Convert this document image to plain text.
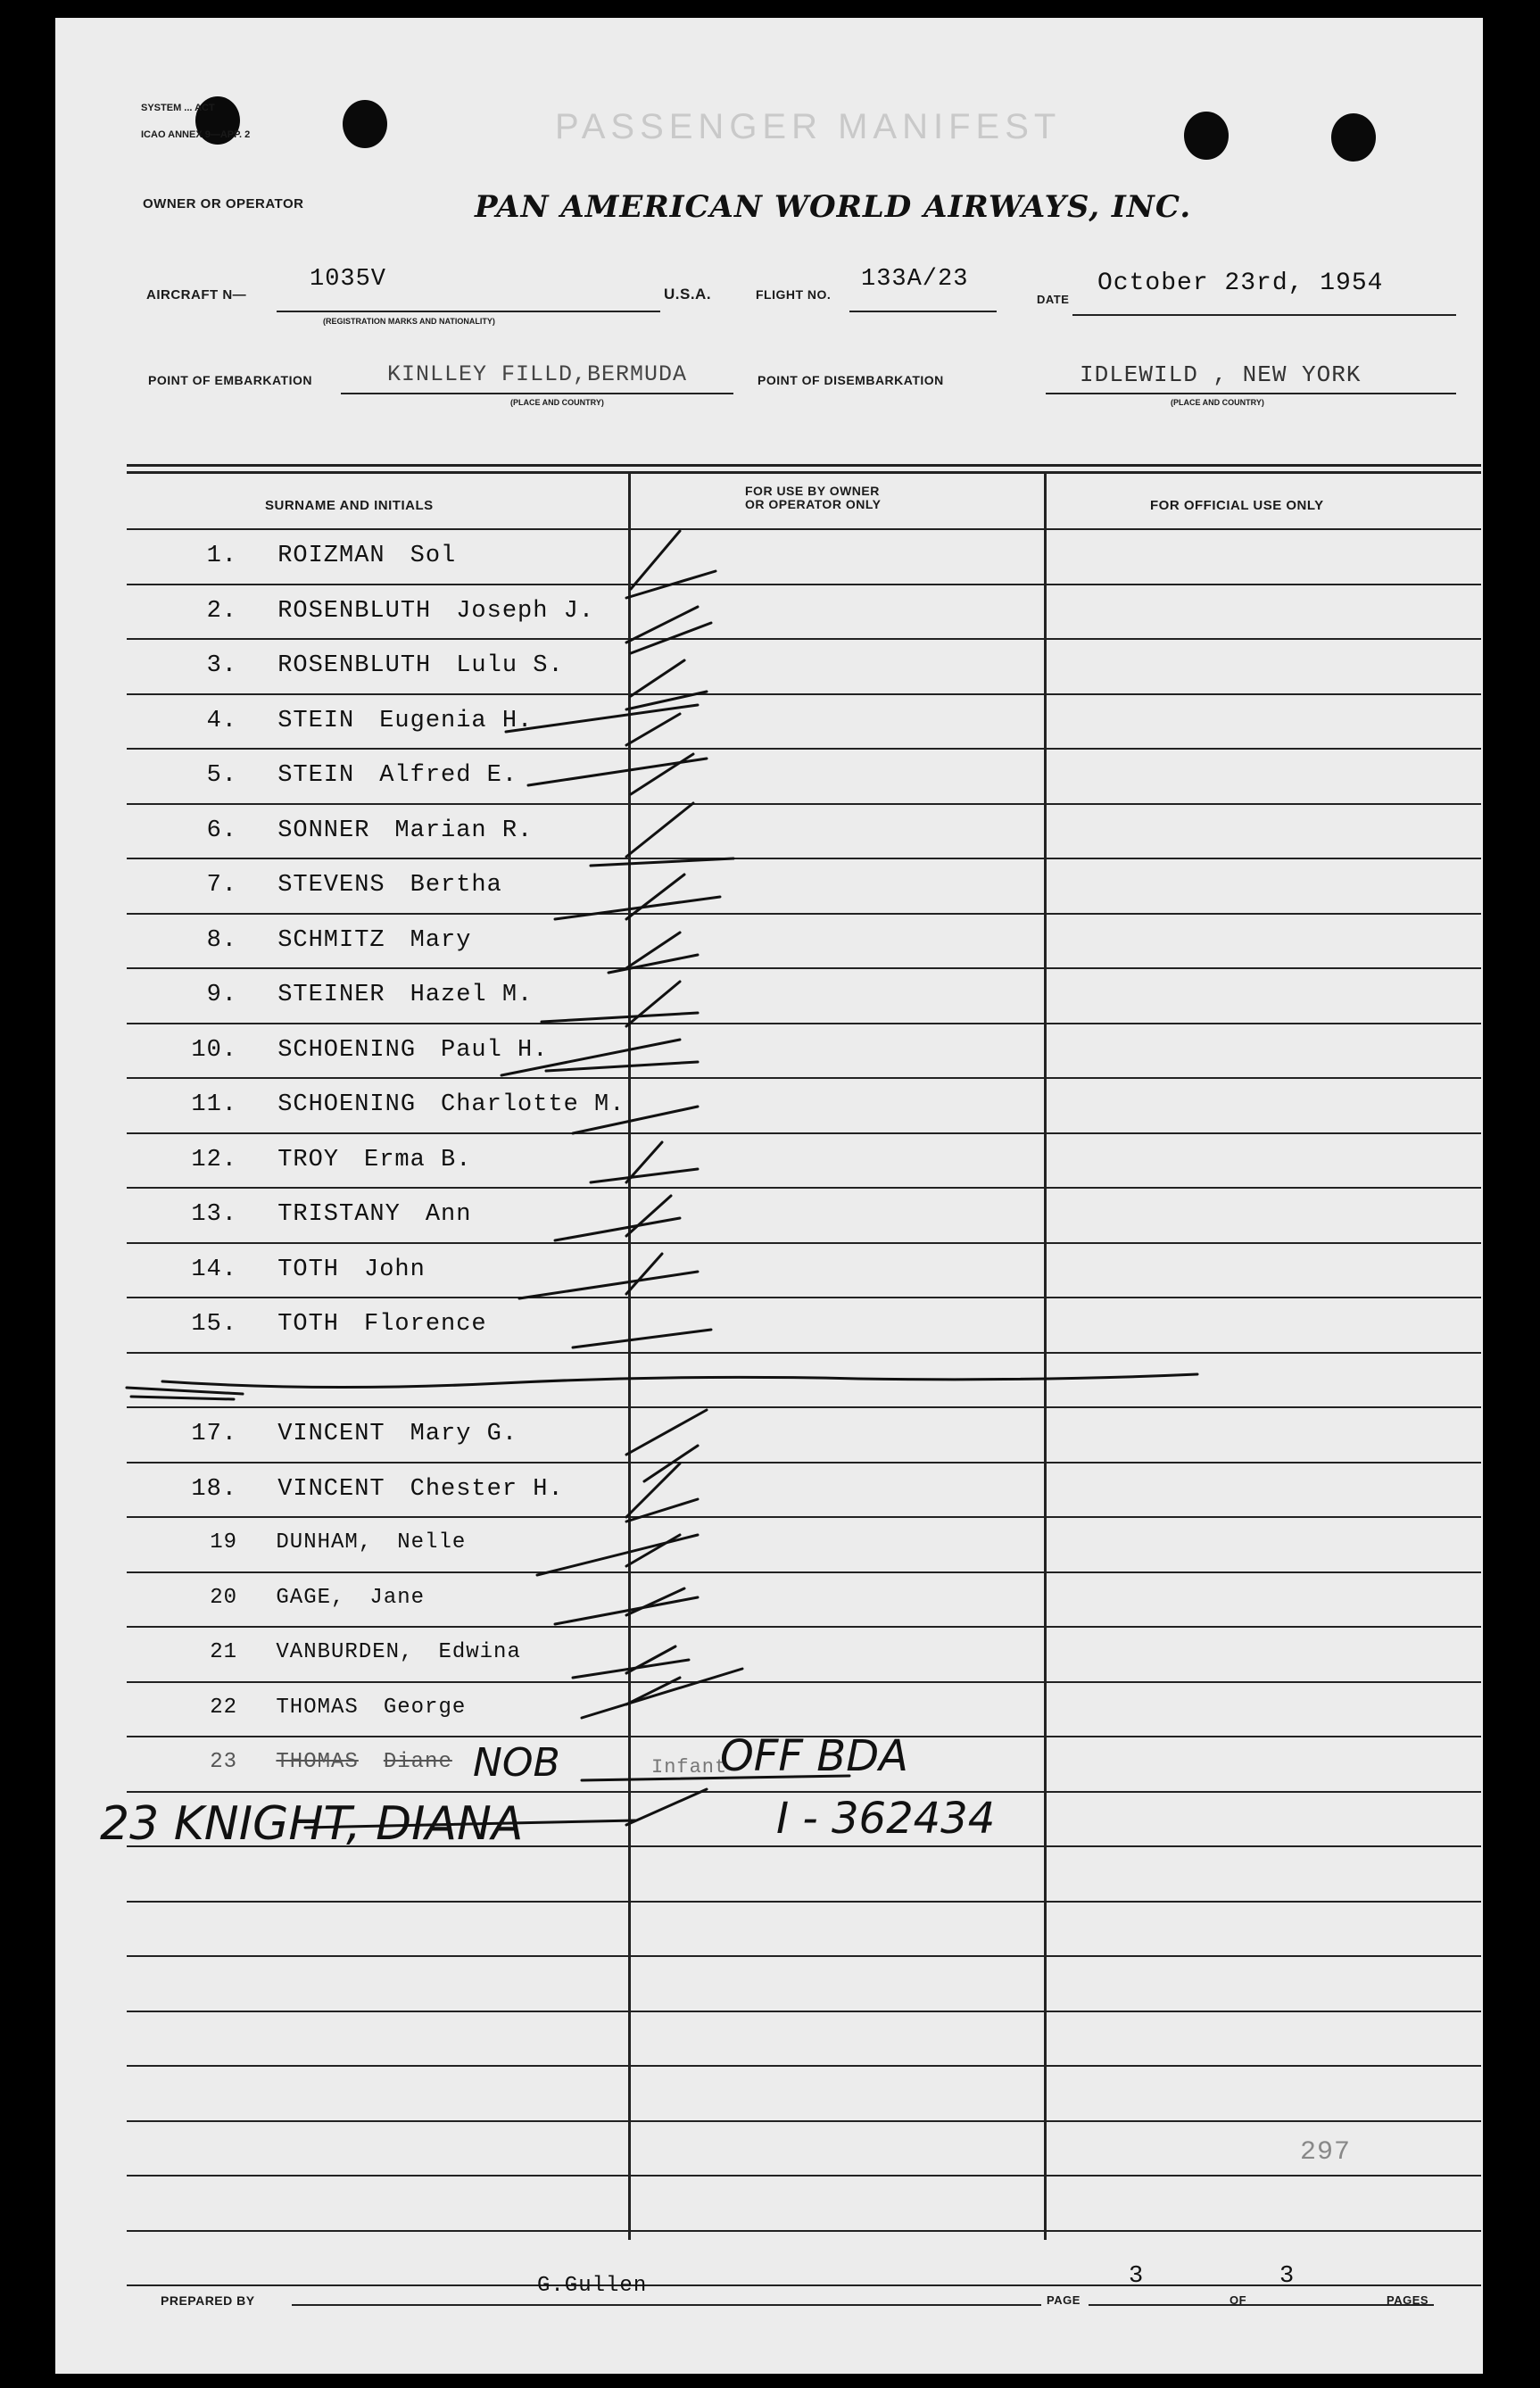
SYSTEM ... ACT
ICAO ANNEX 9—APP. 2	PASSENGER MANIFEST
OWNER OR OPERATOR	PAN AMERICAN WORLD AIRWAYS, INC.
AIRCRAFT N—
1035V
(REGISTRATION MARKS AND NATIONALITY)
U.S.A.	FLIGHT NO.
133A/23
DATE
October 23rd, 1954
POINT OF EMBARKATION	KINLLEY FILLD,BERMUDA
(PLACE AND COUNTRY)
POINT OF DISEMBARKATION	IDLEWILD , NEW YORK
(PLACE AND COUNTRY)
SURNAME AND INITIALS
FOR USE BY OWNER
OR OPERATOR ONLY	FOR OFFICIAL USE ONLY
1. ROIZMAN Sol
2. ROSENBLUTH Joseph J.
3. ROSENBLUTH Lulu S.
4. STEIN Eugenia H.
5. STEIN Alfred E.
6. SONNER Marian R.
7. STEVENS Bertha
8. SCHMITZ Mary
9. STEINER Hazel M.
10. SCHOENING Paul H.
11. SCHOENING Charlotte M.
12. TROY Erma B.
13. TRISTANY Ann
14. TOTH John
15. TOTH Florence
17. VINCENT Mary G.
18. VINCENT Chester H.
19 DUNHAM, Nelle
20 GAGE, Jane
21 VANBURDEN, Edwina
22 THOMAS George
23 THOMAS Diane NOB	Infant
OFF BDA
23 KNIGHT, DIANA	I - 362434
297
PREPARED BY
G.Gullen
PAGE
3
OF
3
PAGES
